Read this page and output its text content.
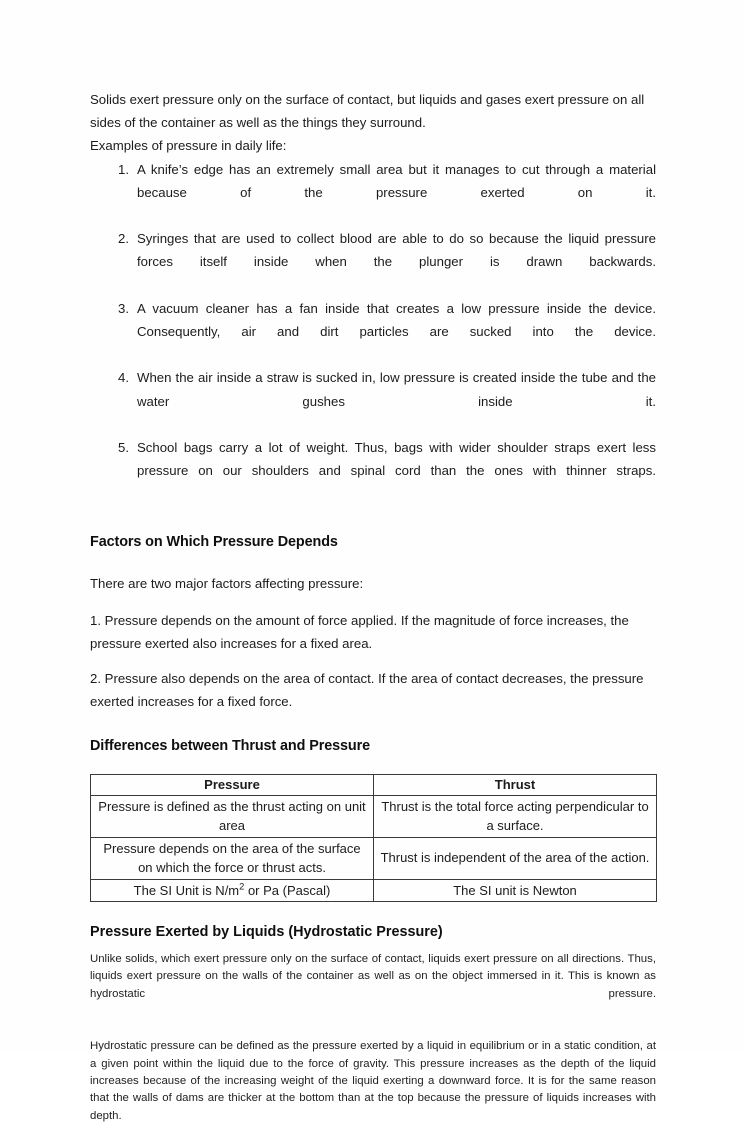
Solids exert pressure only on the surface of contact, but liquids and gases exert pressure on all sides of the container as well as the things they surround.

Examples of pressure in daily life:

1. A knife’s edge has an extremely small area but it manages to cut through a material because of the pressure exerted on it.
2. Syringes that are used to collect blood are able to do so because the liquid pressure forces itself inside when the plunger is drawn backwards.
3. A vacuum cleaner has a fan inside that creates a low pressure inside the device. Consequently, air and dirt particles are sucked into the device.
4. When the air inside a straw is sucked in, low pressure is created inside the tube and the water gushes inside it.
5. School bags carry a lot of weight. Thus, bags with wider shoulder straps exert less pressure on our shoulders and spinal cord than the ones with thinner straps.
Factors on Which Pressure Depends

There are two major factors affecting pressure:

1. Pressure depends on the amount of force applied. If the magnitude of force increases, the pressure exerted also increases for a fixed area.

2. Pressure also depends on the area of contact. If the area of contact decreases, the pressure exerted increases for a fixed force.

Differences between Thrust and Pressure
Pressure	Thrust
Pressure is defined as the thrust acting on unit area	Thrust is the total force acting perpendicular to a surface.
Pressure depends on the area of the surface on which the force or thrust acts.	Thrust is independent of the area of the action.
The SI Unit is $N/m^2$ or Pa (Pascal)	The SI unit is Newton
Pressure Exerted by Liquids (Hydrostatic Pressure)

Unlike solids, which exert pressure only on the surface of contact, liquids exert pressure on all directions. Thus, liquids exert pressure on the walls of the container as well as on the object immersed in it. This is known as hydrostatic pressure.

Hydrostatic pressure can be defined as the pressure exerted by a liquid in equilibrium or in a static condition, at a given point within the liquid due to the force of gravity. This pressure increases as the depth of the liquid increases because of the increasing weight of the liquid exerting a downward force. It is for the same reason that the walls of dams are thicker at the bottom than at the top because the pressure of liquids increases with depth.
